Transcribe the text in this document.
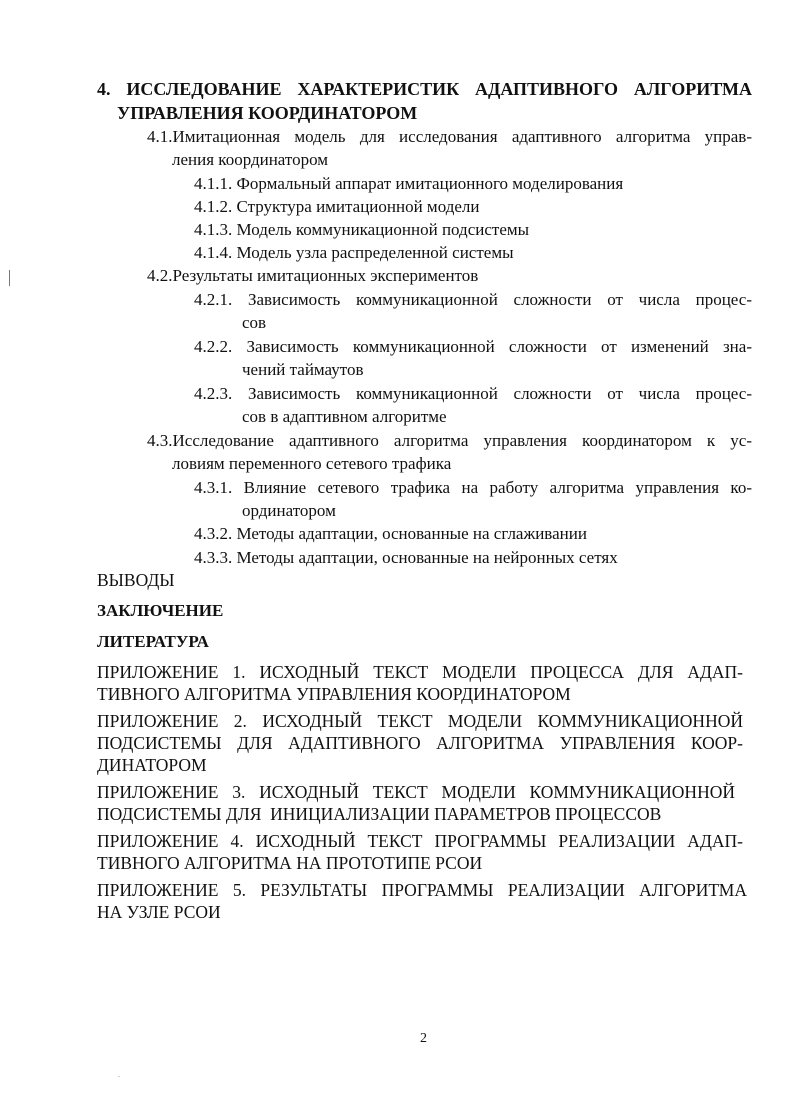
4. ИССЛЕДОВАНИЕ ХАРАКТЕРИСТИК АДАПТИВНОГО АЛГОРИТМА
УПРАВЛЕНИЯ КООРДИНАТОРОМ
4.1.Имитационная модель для исследования адаптивного алгоритма управ-
ления координатором
4.1.1. Формальный аппарат имитационного моделирования
4.1.2. Структура имитационной модели
4.1.3. Модель коммуникационной подсистемы
4.1.4. Модель узла распределенной системы
4.2.Результаты имитационных экспериментов
4.2.1. Зависимость коммуникационной сложности от числа процес-
сов
4.2.2. Зависимость коммуникационной сложности от изменений зна-
чений таймаутов
4.2.3. Зависимость коммуникационной сложности от числа процес-
сов в адаптивном алгоритме
4.3.Исследование адаптивного алгоритма управления координатором к ус-
ловиям переменного сетевого трафика
4.3.1. Влияние сетевого трафика на работу алгоритма управления ко-
ординатором
4.3.2. Методы адаптации, основанные на сглаживании
4.3.3. Методы адаптации, основанные на нейронных сетях
ВЫВОДЫ
ЗАКЛЮЧЕНИЕ
ЛИТЕРАТУРА
ПРИЛОЖЕНИЕ 1. ИСХОДНЫЙ ТЕКСТ МОДЕЛИ ПРОЦЕССА ДЛЯ АДАП-
ТИВНОГО АЛГОРИТМА УПРАВЛЕНИЯ КООРДИНАТОРОМ
ПРИЛОЖЕНИЕ 2. ИСХОДНЫЙ ТЕКСТ МОДЕЛИ КОММУНИКАЦИОННОЙ
ПОДСИСТЕМЫ ДЛЯ АДАПТИВНОГО АЛГОРИТМА УПРАВЛЕНИЯ КООР-
ДИНАТОРОМ
ПРИЛОЖЕНИЕ 3. ИСХОДНЫЙ ТЕКСТ МОДЕЛИ КОММУНИКАЦИОННОЙ
ПОДСИСТЕМЫ ДЛЯ  ИНИЦИАЛИЗАЦИИ ПАРАМЕТРОВ ПРОЦЕССОВ
ПРИЛОЖЕНИЕ 4. ИСХОДНЫЙ ТЕКСТ ПРОГРАММЫ РЕАЛИЗАЦИИ АДАП-
ТИВНОГО АЛГОРИТМА НА ПРОТОТИПЕ РСОИ
ПРИЛОЖЕНИЕ 5. РЕЗУЛЬТАТЫ ПРОГРАММЫ РЕАЛИЗАЦИИ АЛГОРИТМА
НА УЗЛЕ РСОИ
2
.
